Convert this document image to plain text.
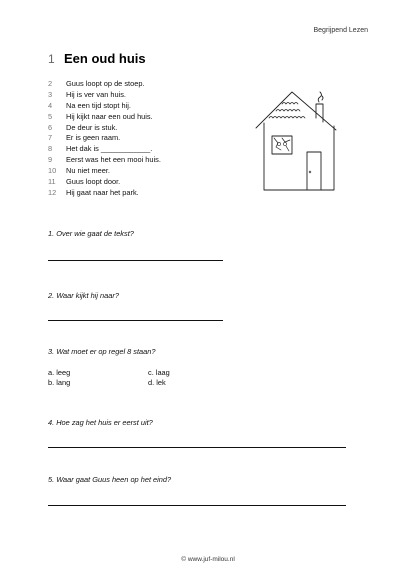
Begrijpend Lezen
1 Een oud huis
2	Guus loopt op de stoep.
3	Hij is ver van huis.
4	Na een tijd stopt hij.
5	Hij kijkt naar een oud huis.
6	De deur is stuk.
7	Er is geen raam.
8	Het dak is ____________.
9	Eerst was het een mooi huis.
10	Nu niet meer.
11	Guus loopt door.
12	Hij gaat naar het park.
1. Over wie gaat de tekst?
2. Waar kijkt hij naar?
3. Wat moet er op regel 8 staan?
a. leeg	c. laag
b. lang	d. lek
4. Hoe zag het huis er eerst uit?
5. Waar gaat Guus heen op het eind?
© www.juf-milou.nl
